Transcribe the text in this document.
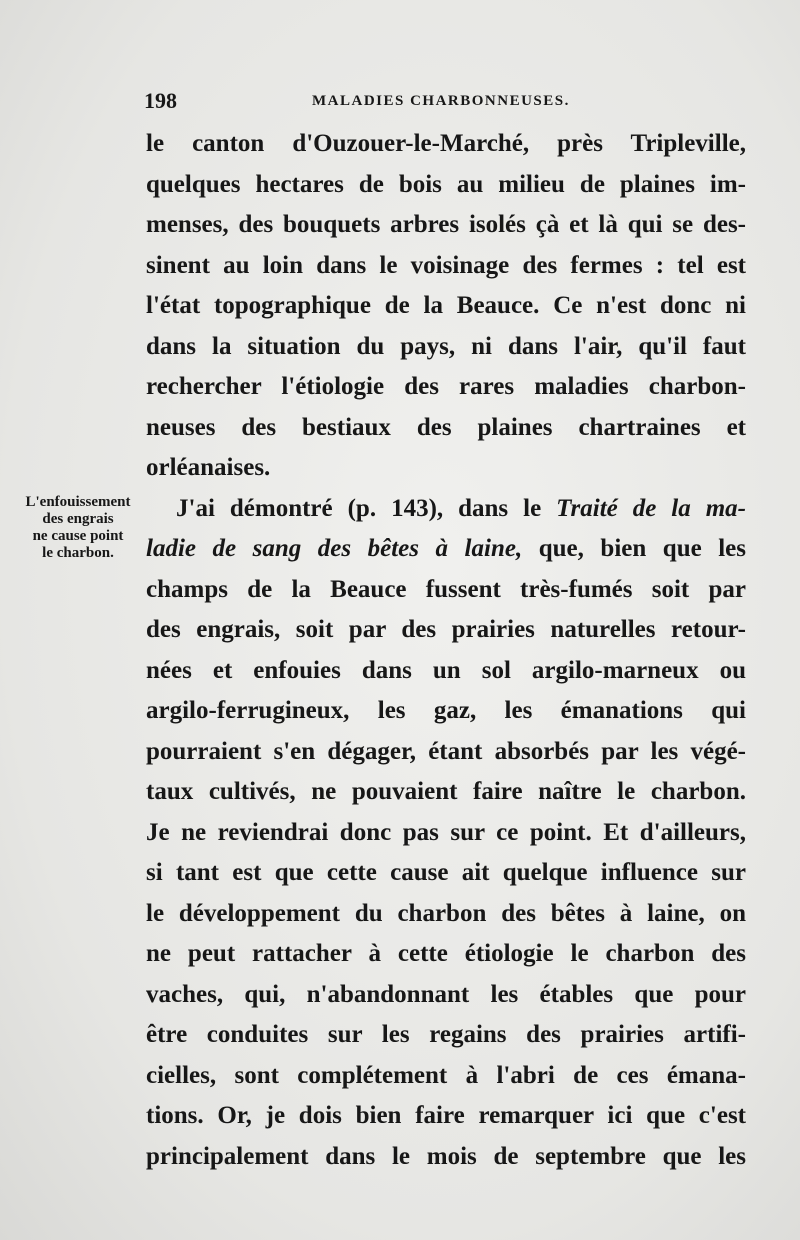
198	MALADIES CHARBONNEUSES.
L'enfouissement
des engrais
ne cause point
le charbon.
le canton d'Ouzouer-le-Marché, près Tripleville,
quelques hectares de bois au milieu de plaines im-
menses, des bouquets arbres isolés çà et là qui se des-
sinent au loin dans le voisinage des fermes : tel est
l'état topographique de la Beauce. Ce n'est donc ni
dans la situation du pays, ni dans l'air, qu'il faut
rechercher l'étiologie des rares maladies charbon-
neuses des bestiaux des plaines chartraines et
orléanaises.
J'ai démontré (p. 143), dans le Traité de la ma-
ladie de sang des bêtes à laine, que, bien que les
champs de la Beauce fussent très-fumés soit par
des engrais, soit par des prairies naturelles retour-
nées et enfouies dans un sol argilo-marneux ou
argilo-ferrugineux, les gaz, les émanations qui
pourraient s'en dégager, étant absorbés par les végé-
taux cultivés, ne pouvaient faire naître le charbon.
Je ne reviendrai donc pas sur ce point. Et d'ailleurs,
si tant est que cette cause ait quelque influence sur
le développement du charbon des bêtes à laine, on
ne peut rattacher à cette étiologie le charbon des
vaches, qui, n'abandonnant les étables que pour
être conduites sur les regains des prairies artifi-
cielles, sont complétement à l'abri de ces émana-
tions. Or, je dois bien faire remarquer ici que c'est
principalement dans le mois de septembre que les
